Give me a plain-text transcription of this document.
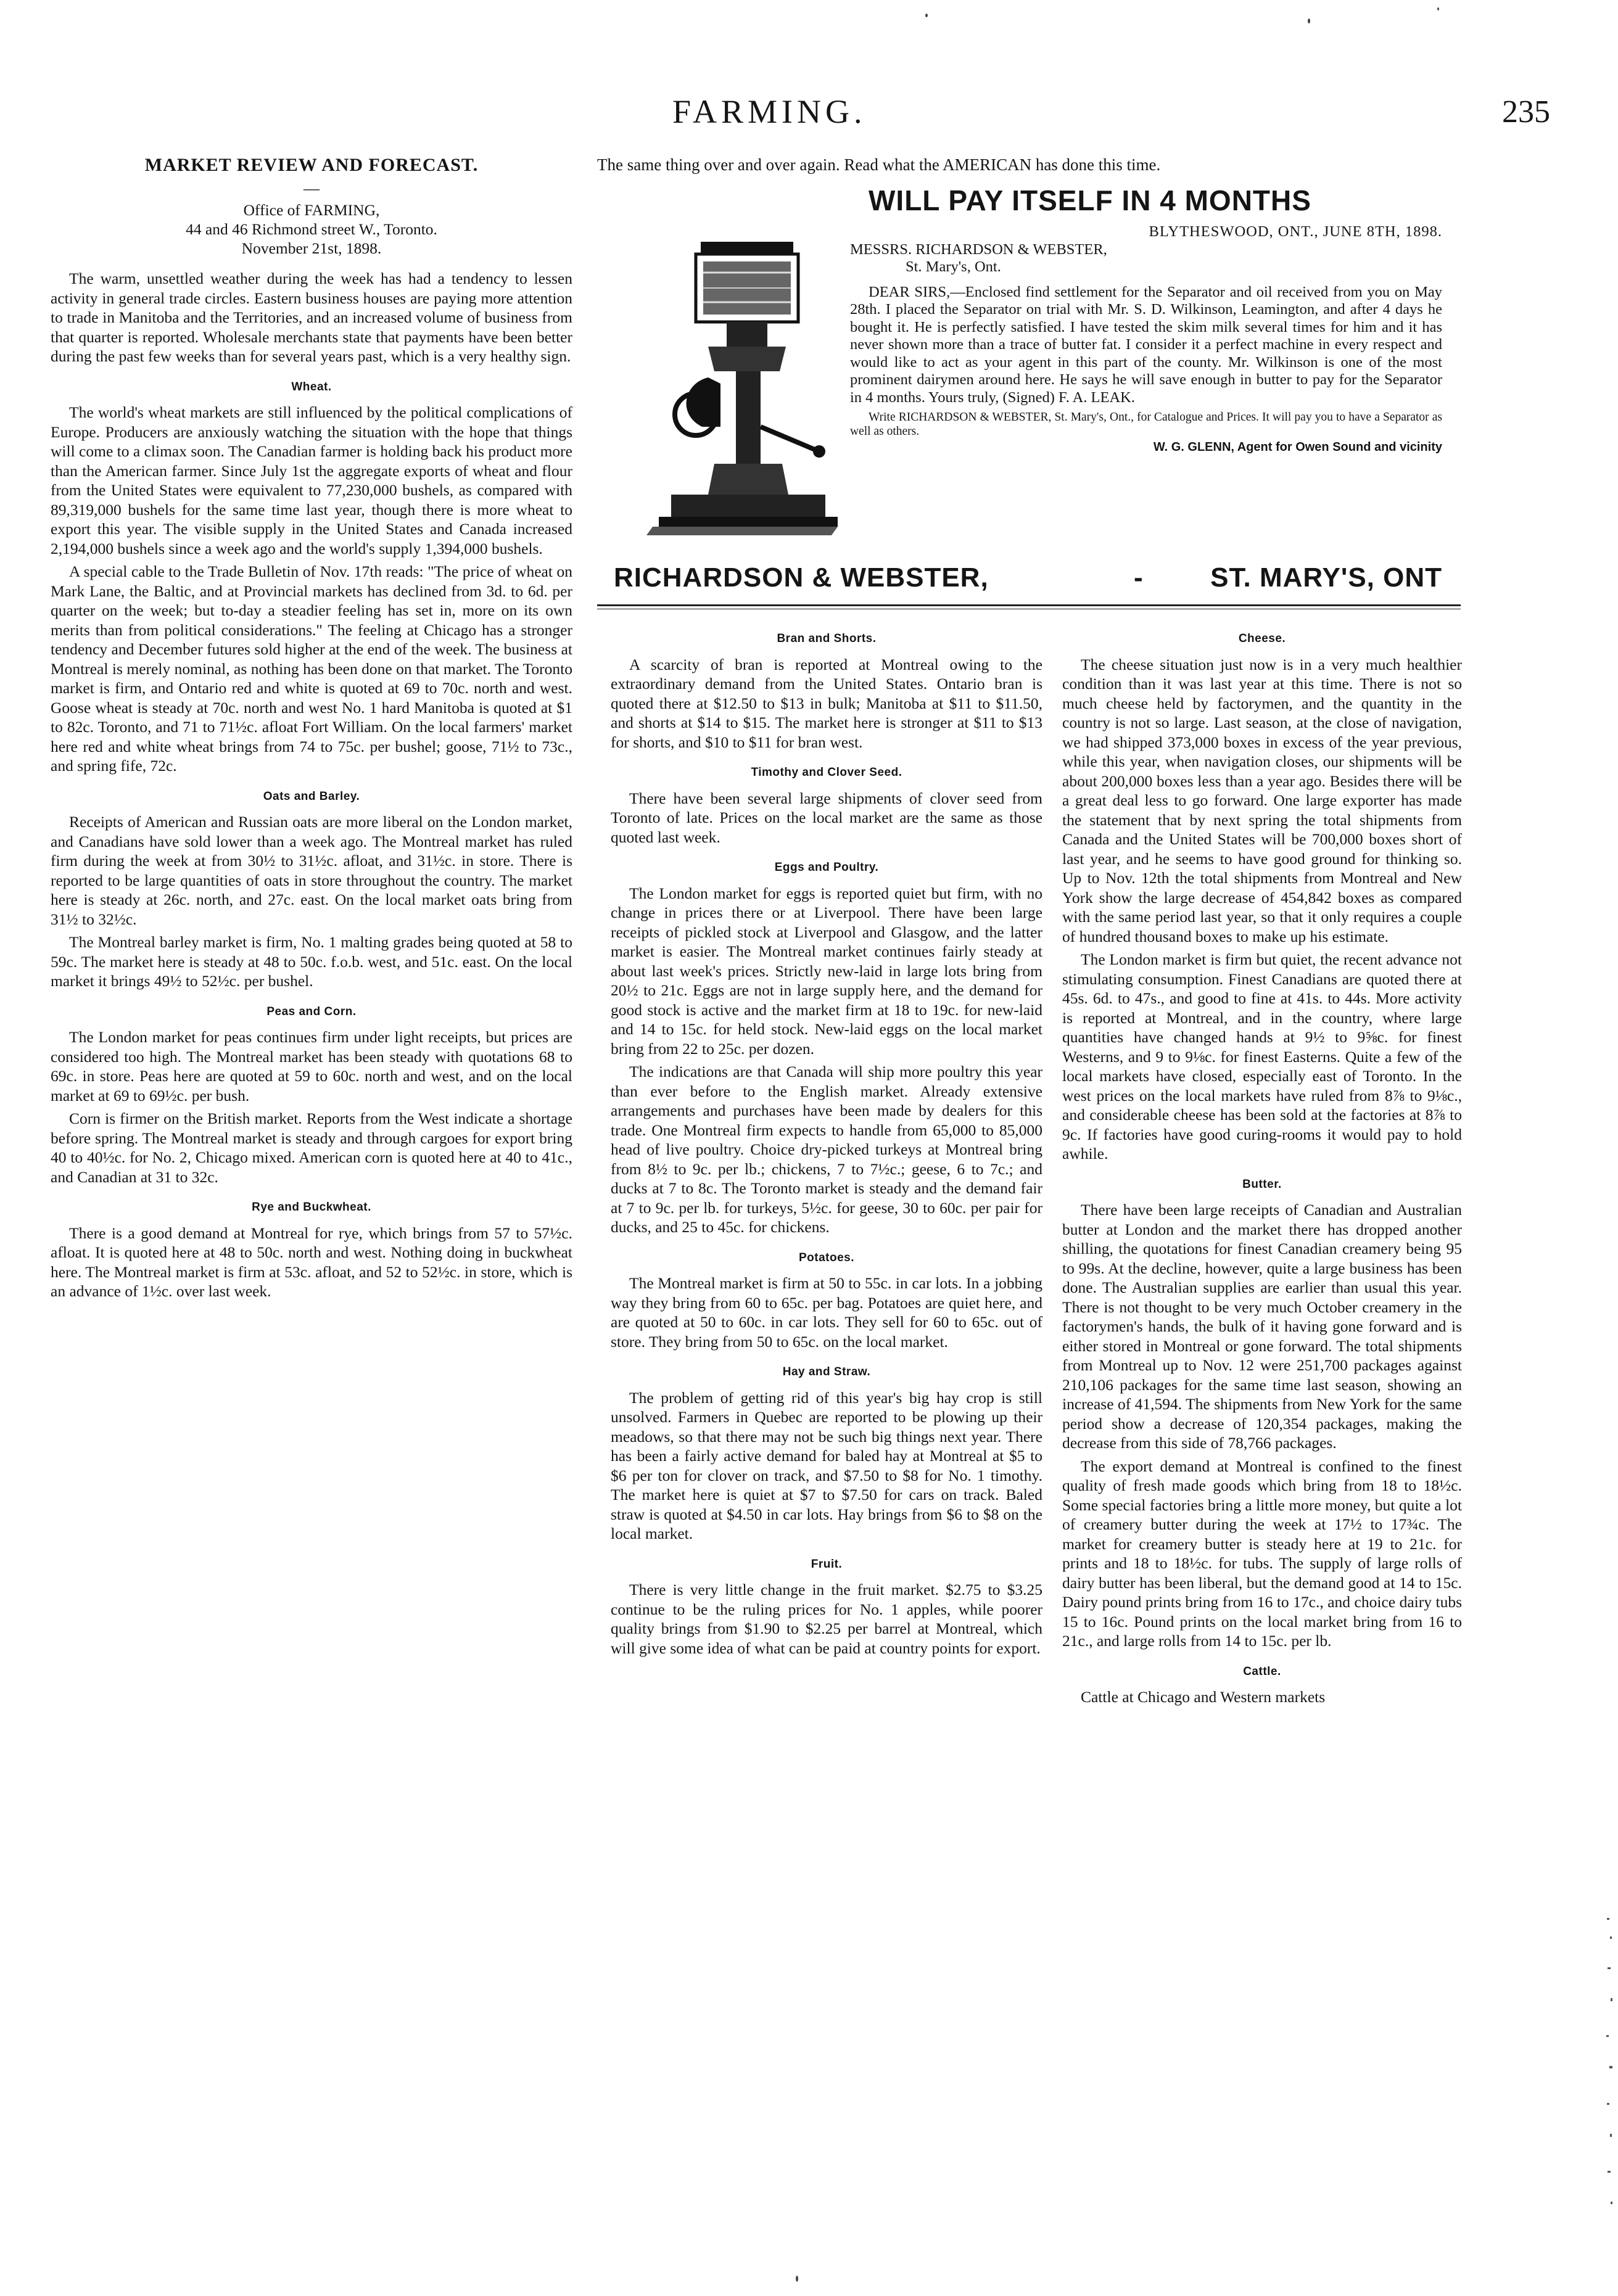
FARMING.	235
MARKET REVIEW AND FORECAST.
—

Office of FARMING,

44 and 46 Richmond street W., Toronto.

November 21st, 1898.

The warm, unsettled weather during the week has had a tendency to lessen activity in general trade circles. Eastern business houses are paying more attention to trade in Manitoba and the Territories, and an increased volume of business from that quarter is reported. Wholesale merchants state that payments have been better during the past few weeks than for several years past, which is a very healthy sign.

Wheat.

The world's wheat markets are still influenced by the political complications of Europe. Producers are anxiously watching the situation with the hope that things will come to a climax soon. The Canadian farmer is holding back his product more than the American farmer. Since July 1st the aggregate exports of wheat and flour from the United States were equivalent to 77,230,000 bushels, as compared with 89,319,000 bushels for the same time last year, though there is more wheat to export this year. The visible supply in the United States and Canada increased 2,194,000 bushels since a week ago and the world's supply 1,394,000 bushels.

A special cable to the Trade Bulletin of Nov. 17th reads: "The price of wheat on Mark Lane, the Baltic, and at Provincial markets has declined from 3d. to 6d. per quarter on the week; but to-day a steadier feeling has set in, more on its own merits than from political considerations." The feeling at Chicago has a stronger tendency and December futures sold higher at the end of the week. The business at Montreal is merely nominal, as nothing has been done on that market. The Toronto market is firm, and Ontario red and white is quoted at 69 to 70c. north and west. Goose wheat is steady at 70c. north and west No. 1 hard Manitoba is quoted at $1 to 82c. Toronto, and 71 to 71½c. afloat Fort William. On the local farmers' market here red and white wheat brings from 74 to 75c. per bushel; goose, 71½ to 73c., and spring fife, 72c.

Oats and Barley.

Receipts of American and Russian oats are more liberal on the London market, and Canadians have sold lower than a week ago. The Montreal market has ruled firm during the week at from 30½ to 31½c. afloat, and 31½c. in store. There is reported to be large quantities of oats in store throughout the country. The market here is steady at 26c. north, and 27c. east. On the local market oats bring from 31½ to 32½c.

The Montreal barley market is firm, No. 1 malting grades being quoted at 58 to 59c. The market here is steady at 48 to 50c. f.o.b. west, and 51c. east. On the local market it brings 49½ to 52½c. per bushel.

Peas and Corn.

The London market for peas continues firm under light receipts, but prices are considered too high. The Montreal market has been steady with quotations 68 to 69c. in store. Peas here are quoted at 59 to 60c. north and west, and on the local market at 69 to 69½c. per bush.

Corn is firmer on the British market. Reports from the West indicate a shortage before spring. The Montreal market is steady and through cargoes for export bring 40 to 40½c. for No. 2, Chicago mixed. American corn is quoted here at 40 to 41c., and Canadian at 31 to 32c.

Rye and Buckwheat.

There is a good demand at Montreal for rye, which brings from 57 to 57½c. afloat. It is quoted here at 48 to 50c. north and west. Nothing doing in buckwheat here. The Montreal market is firm at 53c. afloat, and 52 to 52½c. in store, which is an advance of 1½c. over last week.

The same thing over and over again. Read what the AMERICAN has done this time.
WILL PAY ITSELF IN 4 MONTHS

BLYTHESWOOD, ONT., JUNE 8TH, 1898.

MESSRS. RICHARDSON & WEBSTER,

St. Mary's, Ont.

DEAR SIRS,—Enclosed find settlement for the Separator and oil received from you on May 28th. I placed the Separator on trial with Mr. S. D. Wilkinson, Leamington, and after 4 days he bought it. He is perfectly satisfied. I have tested the skim milk several times for him and it has never shown more than a trace of butter fat. I consider it a perfect machine in every respect and would like to act as your agent in this part of the county. Mr. Wilkinson is one of the most prominent dairymen around here. He says he will save enough in butter to pay for the Separator in 4 months. Yours truly, (Signed) F. A. LEAK.

Write RICHARDSON & WEBSTER, St. Mary's, Ont., for Catalogue and Prices. It will pay you to have a Separator as well as others.

W. G. GLENN, Agent for Owen Sound and vicinity

RICHARDSON & WEBSTER,	- ST. MARY'S, ONT
Bran and Shorts.

A scarcity of bran is reported at Montreal owing to the extraordinary demand from the United States. Ontario bran is quoted there at $12.50 to $13 in bulk; Manitoba at $11 to $11.50, and shorts at $14 to $15. The market here is stronger at $11 to $13 for shorts, and $10 to $11 for bran west.

Timothy and Clover Seed.

There have been several large shipments of clover seed from Toronto of late. Prices on the local market are the same as those quoted last week.

Eggs and Poultry.

The London market for eggs is reported quiet but firm, with no change in prices there or at Liverpool. There have been large receipts of pickled stock at Liverpool and Glasgow, and the latter market is easier. The Montreal market continues fairly steady at about last week's prices. Strictly new-laid in large lots bring from 20½ to 21c. Eggs are not in large supply here, and the demand for good stock is active and the market firm at 18 to 19c. for new-laid and 14 to 15c. for held stock. New-laid eggs on the local market bring from 22 to 25c. per dozen.

The indications are that Canada will ship more poultry this year than ever before to the English market. Already extensive arrangements and purchases have been made by dealers for this trade. One Montreal firm expects to handle from 65,000 to 85,000 head of live poultry. Choice dry-picked turkeys at Montreal bring from 8½ to 9c. per lb.; chickens, 7 to 7½c.; geese, 6 to 7c.; and ducks at 7 to 8c. The Toronto market is steady and the demand fair at 7 to 9c. per lb. for turkeys, 5½c. for geese, 30 to 60c. per pair for ducks, and 25 to 45c. for chickens.

Potatoes.

The Montreal market is firm at 50 to 55c. in car lots. In a jobbing way they bring from 60 to 65c. per bag. Potatoes are quiet here, and are quoted at 50 to 60c. in car lots. They sell for 60 to 65c. out of store. They bring from 50 to 65c. on the local market.

Hay and Straw.

The problem of getting rid of this year's big hay crop is still unsolved. Farmers in Quebec are reported to be plowing up their meadows, so that there may not be such big things next year. There has been a fairly active demand for baled hay at Montreal at $5 to $6 per ton for clover on track, and $7.50 to $8 for No. 1 timothy. The market here is quiet at $7 to $7.50 for cars on track. Baled straw is quoted at $4.50 in car lots. Hay brings from $6 to $8 on the local market.

Fruit.

There is very little change in the fruit market. $2.75 to $3.25 continue to be the ruling prices for No. 1 apples, while poorer quality brings from $1.90 to $2.25 per barrel at Montreal, which will give some idea of what can be paid at country points for export.

Cheese.

The cheese situation just now is in a very much healthier condition than it was last year at this time. There is not so much cheese held by factorymen, and the quantity in the country is not so large. Last season, at the close of navigation, we had shipped 373,000 boxes in excess of the year previous, while this year, when navigation closes, our shipments will be about 200,000 boxes less than a year ago. Besides there will be a great deal less to go forward. One large exporter has made the statement that by next spring the total shipments from Canada and the United States will be 700,000 boxes short of last year, and he seems to have good ground for thinking so. Up to Nov. 12th the total shipments from Montreal and New York show the large decrease of 454,842 boxes as compared with the same period last year, so that it only requires a couple of hundred thousand boxes to make up his estimate.

The London market is firm but quiet, the recent advance not stimulating consumption. Finest Canadians are quoted there at 45s. 6d. to 47s., and good to fine at 41s. to 44s. More activity is reported at Montreal, and in the country, where large quantities have changed hands at 9½ to 9⅝c. for finest Westerns, and 9 to 9⅛c. for finest Easterns. Quite a few of the local markets have closed, especially east of Toronto. In the west prices on the local markets have ruled from 8⅞ to 9⅛c., and considerable cheese has been sold at the factories at 8⅞ to 9c. If factories have good curing-rooms it would pay to hold awhile.

Butter.

There have been large receipts of Canadian and Australian butter at London and the market there has dropped another shilling, the quotations for finest Canadian creamery being 95 to 99s. At the decline, however, quite a large business has been done. The Australian supplies are earlier than usual this year. There is not thought to be very much October creamery in the factorymen's hands, the bulk of it having gone forward and is either stored in Montreal or gone forward. The total shipments from Montreal up to Nov. 12 were 251,700 packages against 210,106 packages for the same time last season, showing an increase of 41,594. The shipments from New York for the same period show a decrease of 120,354 packages, making the decrease from this side of 78,766 packages.

The export demand at Montreal is confined to the finest quality of fresh made goods which bring from 18 to 18½c. Some special factories bring a little more money, but quite a lot of creamery butter during the week at 17½ to 17¾c. The market for creamery butter is steady here at 19 to 21c. for prints and 18 to 18½c. for tubs. The supply of large rolls of dairy butter has been liberal, but the demand good at 14 to 15c. Dairy pound prints bring from 16 to 17c., and choice dairy tubs 15 to 16c. Pound prints on the local market bring from 16 to 21c., and large rolls from 14 to 15c. per lb.

Cattle.

Cattle at Chicago and Western markets
